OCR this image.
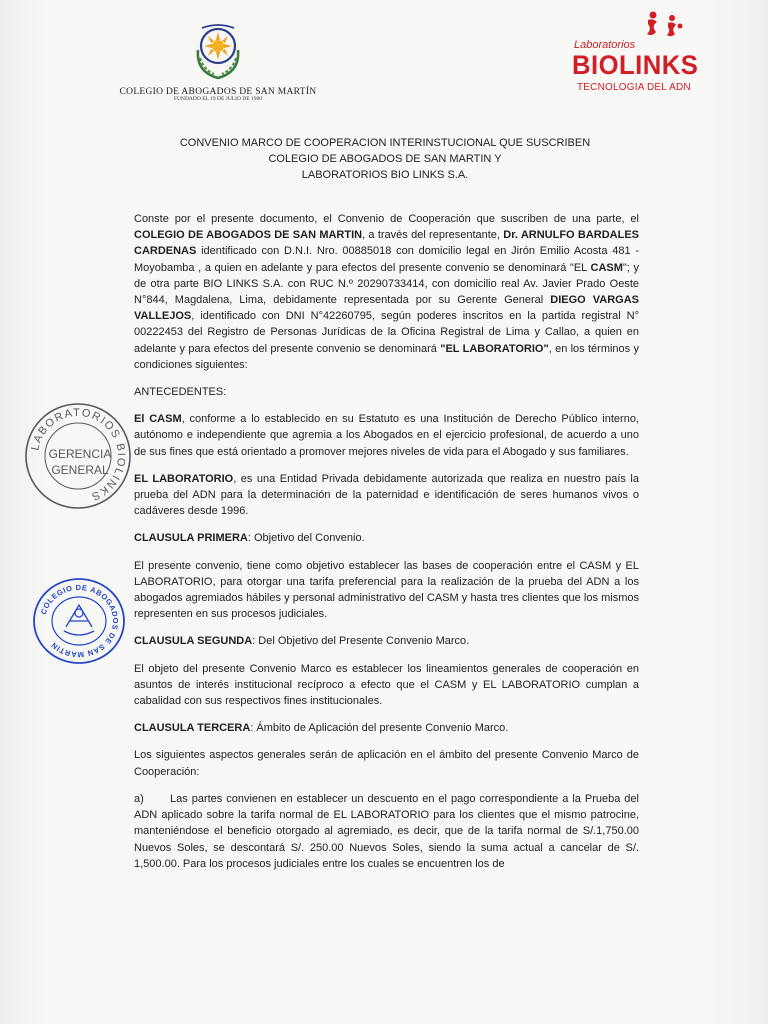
COLEGIO DE ABOGADOS DE SAN MARTÍN
FUNDADO EL 19 DE JULIO DE 1980
Laboratorios
BIOLINKS
TECNOLOGIA DEL ADN
CONVENIO MARCO DE COOPERACION INTERINSTUCIONAL QUE SUSCRIBEN
COLEGIO DE ABOGADOS DE SAN MARTIN Y
LABORATORIOS BIO LINKS S.A.

Conste por el presente documento, el Convenio de Cooperación que suscriben de una parte, el COLEGIO DE ABOGADOS DE SAN MARTIN, a través del representante, Dr. ARNULFO BARDALES CARDENAS identificado con D.N.I. Nro. 00885018 con domicilio legal en Jirón Emilio Acosta 481 - Moyobamba , a quien en adelante y para efectos del presente convenio se denominará "EL CASM"; y de otra parte BIO LINKS S.A. con RUC N.º 20290733414, con domicilio real Av. Javier Prado Oeste N°844, Magdalena, Lima, debidamente representada por su Gerente General DIEGO VARGAS VALLEJOS, identificado con DNI N°42260795, según poderes inscritos en la partida registral N° 00222453 del Registro de Personas Jurídicas de la Oficina Registral de Lima y Callao, a quien en adelante y para efectos del presente convenio se denominará "EL LABORATORIO", en los términos y condiciones siguientes:

ANTECEDENTES:

El CASM, conforme a lo establecido en su Estatuto es una Institución de Derecho Público interno, autónomo e independiente que agremia a los Abogados en el ejercicio profesional, de acuerdo a uno de sus fines que está orientado a promover mejores niveles de vida para el Abogado y sus familiares.

EL LABORATORIO, es una Entidad Privada debidamente autorizada que realiza en nuestro país la prueba del ADN para la determinación de la paternidad e identificación de seres humanos vivos o cadáveres desde 1996.

CLAUSULA PRIMERA: Objetivo del Convenio.

El presente convenio, tiene como objetivo establecer las bases de cooperación entre el CASM y EL LABORATORIO, para otorgar una tarifa preferencial para la realización de la prueba del ADN a los abogados agremiados hábiles y personal administrativo del CASM y hasta tres clientes que los mismos representen en sus procesos judiciales.

CLAUSULA SEGUNDA: Del Objetivo del Presente Convenio Marco.

El objeto del presente Convenio Marco es establecer los lineamientos generales de cooperación en asuntos de interés institucional recíproco a efecto que el CASM y EL LABORATORIO cumplan a cabalidad con sus respectivos fines institucionales.

CLAUSULA TERCERA: Ámbito de Aplicación del presente Convenio Marco.

Los siguientes aspectos generales serán de aplicación en el ámbito del presente Convenio Marco de Cooperación:

a) Las partes convienen en establecer un descuento en el pago correspondiente a la Prueba del ADN aplicado sobre la tarifa normal de EL LABORATORIO para los clientes que el mismo patrocine, manteniéndose el beneficio otorgado al agremiado, es decir, que de la tarifa normal de S/.1,750.00 Nuevos Soles, se descontará S/. 250.00 Nuevos Soles, siendo la suma actual a cancelar de S/. 1,500.00. Para los procesos judiciales entre los cuales se encuentren los de

LABORATORIOS BIOLINKS
GERENCIA
GENERAL
COLEGIO DE ABOGADOS DE SAN MARTIN
